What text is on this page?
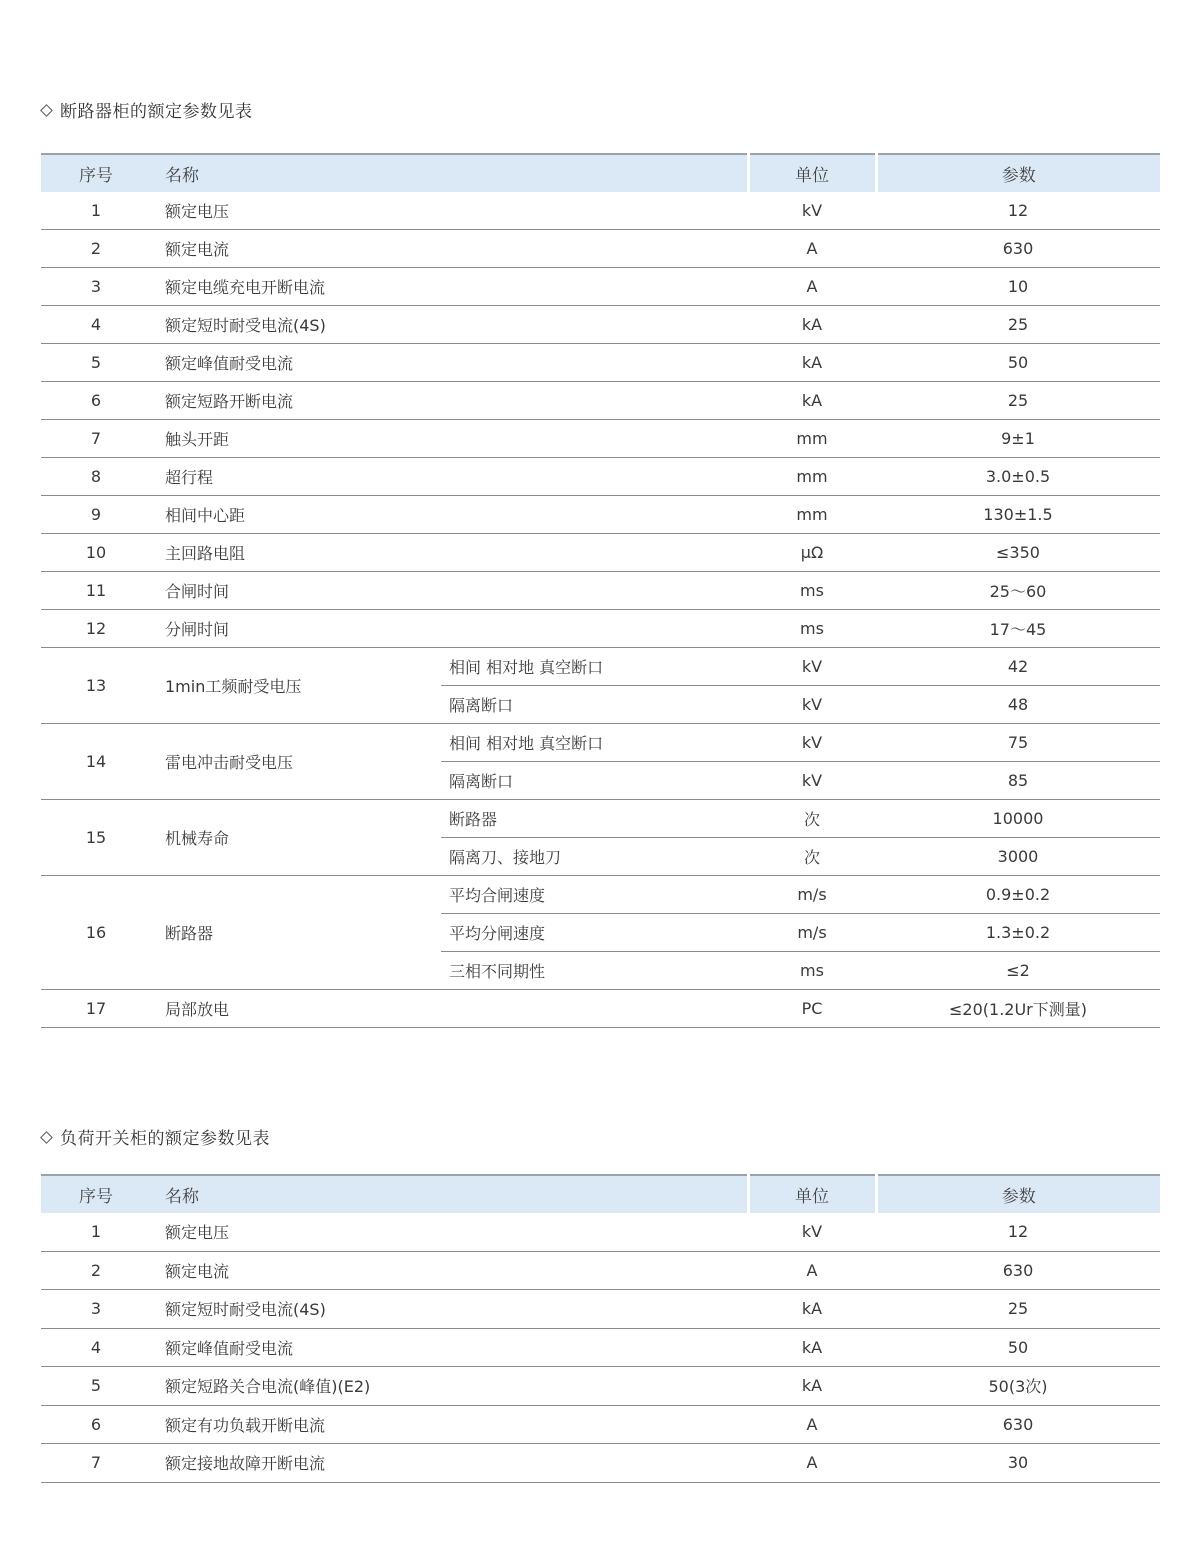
断路器柜的额定参数见表
序号	名称		单位	参数
1	额定电压		kV	12
2	额定电流		A	630
3	额定电缆充电开断电流		A	10
4	额定短时耐受电流(4S)		kA	25
5	额定峰值耐受电流		kA	50
6	额定短路开断电流		kA	25
7	触头开距		mm	9±1
8	超行程		mm	3.0±0.5
9	相间中心距		mm	130±1.5
10	主回路电阻		μΩ	≤350
11	合闸时间		ms	25～60
12	分闸时间		ms	17～45
13	1min工频耐受电压	相间 相对地 真空断口	kV	42
		隔离断口	kV	48
14	雷电冲击耐受电压	相间 相对地 真空断口	kV	75
		隔离断口	kV	85
15	机械寿命	断路器	次	10000
		隔离刀、接地刀	次	3000
16	断路器	平均合闸速度	m/s	0.9±0.2
		平均分闸速度	m/s	1.3±0.2
		三相不同期性	ms	≤2
17	局部放电		PC	≤20(1.2Ur下测量)
负荷开关柜的额定参数见表
序号	名称	单位	参数
1	额定电压	kV	12
2	额定电流	A	630
3	额定短时耐受电流(4S)	kA	25
4	额定峰值耐受电流	kA	50
5	额定短路关合电流(峰值)(E2)	kA	50(3次)
6	额定有功负载开断电流	A	630
7	额定接地故障开断电流	A	30
